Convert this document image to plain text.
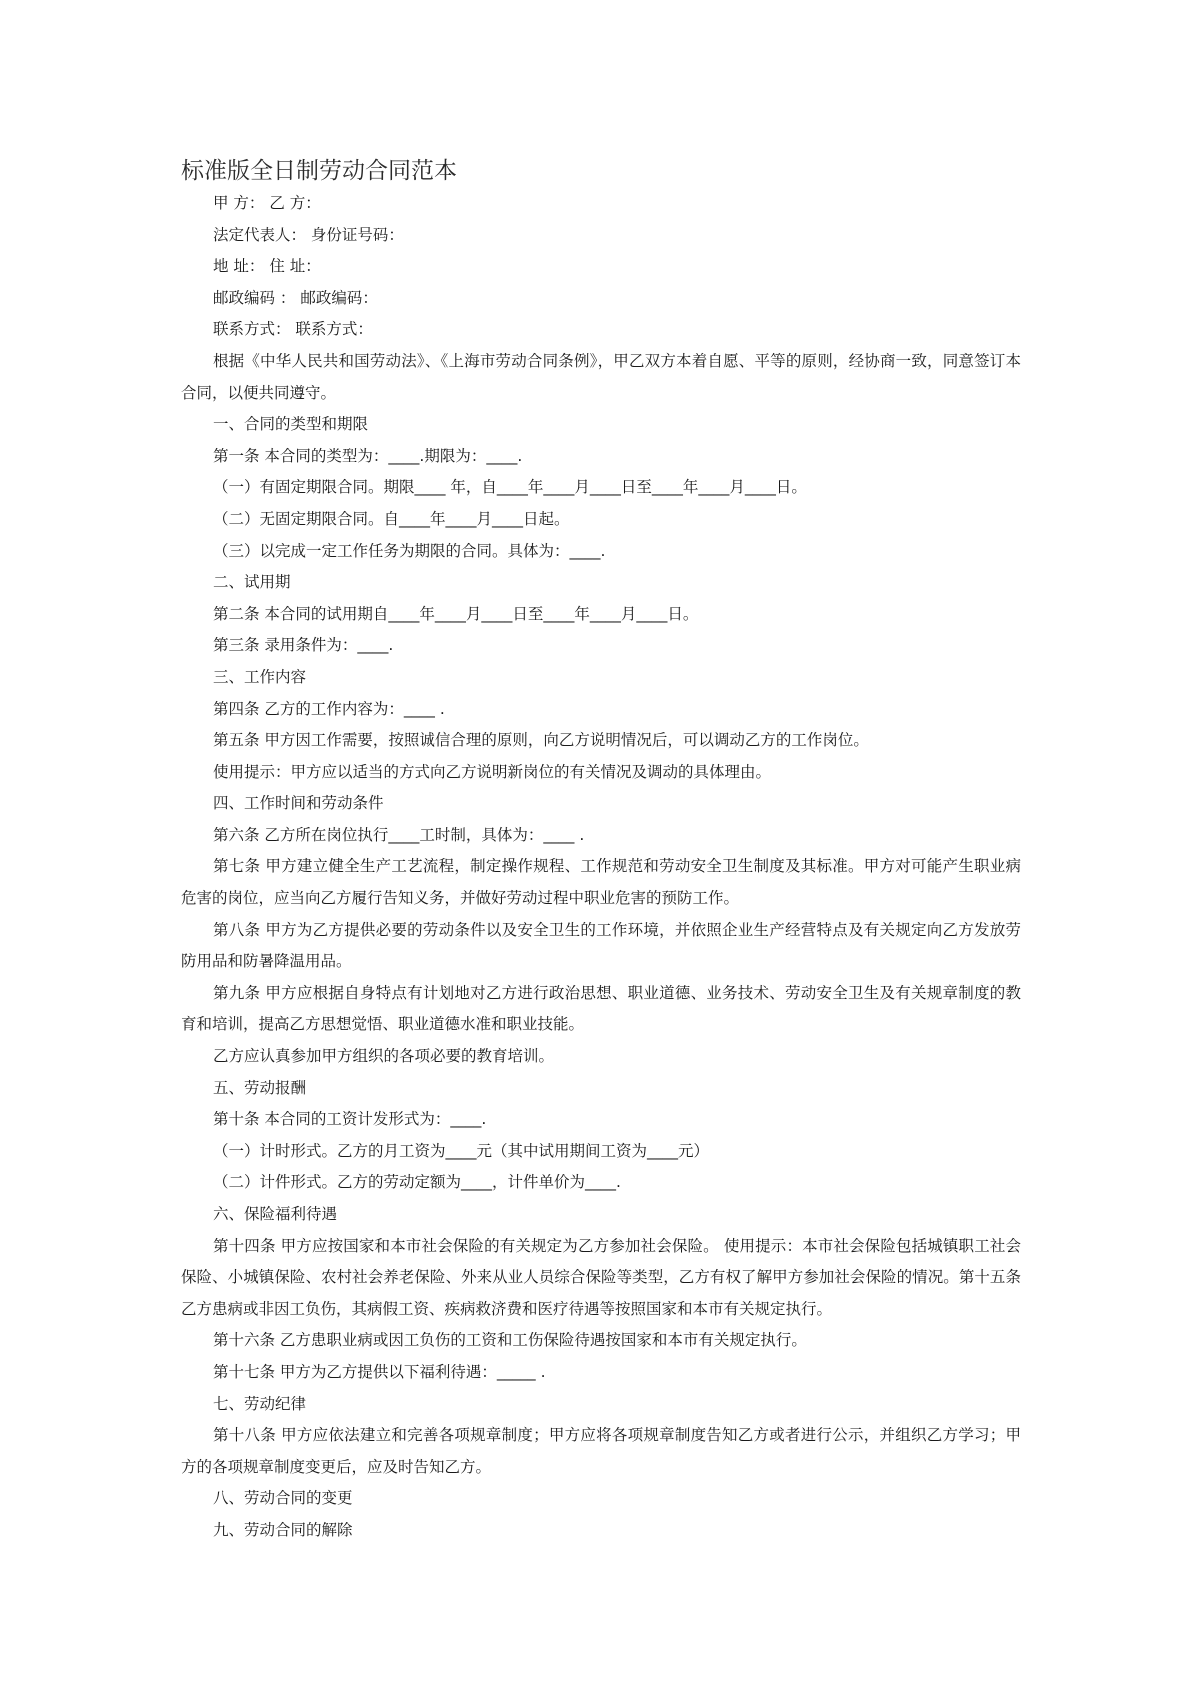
标准版全日制劳动合同范本

甲 方： 乙 方：

法定代表人： 身份证号码：

地 址： 住 址：

邮政编码 ： 邮政编码：

联系方式： 联系方式：

根据《中华人民共和国劳动法》、《上海市劳动合同条例》，甲乙双方本着自愿、平等的原则，经协商一致，同意签订本合同，以便共同遵守。

一、合同的类型和期限

第一条 本合同的类型为：____.期限为：____.

（一）有固定期限合同。期限____ 年，自____年____月____日至____年____月____日。

（二）无固定期限合同。自____年____月____日起。

（三）以完成一定工作任务为期限的合同。具体为：____.

二、试用期

第二条 本合同的试用期自____年____月____日至____年____月____日。

第三条 录用条件为：____.

三、工作内容

第四条 乙方的工作内容为：____ .

第五条 甲方因工作需要，按照诚信合理的原则，向乙方说明情况后，可以调动乙方的工作岗位。

使用提示：甲方应以适当的方式向乙方说明新岗位的有关情况及调动的具体理由。

四、工作时间和劳动条件

第六条 乙方所在岗位执行____工时制，具体为：____ .

第七条 甲方建立健全生产工艺流程，制定操作规程、工作规范和劳动安全卫生制度及其标准。甲方对可能产生职业病危害的岗位，应当向乙方履行告知义务，并做好劳动过程中职业危害的预防工作。

第八条 甲方为乙方提供必要的劳动条件以及安全卫生的工作环境，并依照企业生产经营特点及有关规定向乙方发放劳防用品和防暑降温用品。

第九条 甲方应根据自身特点有计划地对乙方进行政治思想、职业道德、业务技术、劳动安全卫生及有关规章制度的教育和培训，提高乙方思想觉悟、职业道德水准和职业技能。

乙方应认真参加甲方组织的各项必要的教育培训。

五、劳动报酬

第十条 本合同的工资计发形式为：____.

（一）计时形式。乙方的月工资为____元（其中试用期间工资为____元）

（二）计件形式。乙方的劳动定额为____，计件单价为____.

六、保险福利待遇

第十四条 甲方应按国家和本市社会保险的有关规定为乙方参加社会保险。 使用提示：本市社会保险包括城镇职工社会保险、小城镇保险、农村社会养老保险、外来从业人员综合保险等类型，乙方有权了解甲方参加社会保险的情况。第十五条 乙方患病或非因工负伤，其病假工资、疾病救济费和医疗待遇等按照国家和本市有关规定执行。

第十六条 乙方患职业病或因工负伤的工资和工伤保险待遇按国家和本市有关规定执行。

第十七条 甲方为乙方提供以下福利待遇：_____ .

七、劳动纪律

第十八条 甲方应依法建立和完善各项规章制度；甲方应将各项规章制度告知乙方或者进行公示，并组织乙方学习；甲方的各项规章制度变更后，应及时告知乙方。

八、劳动合同的变更

九、劳动合同的解除
